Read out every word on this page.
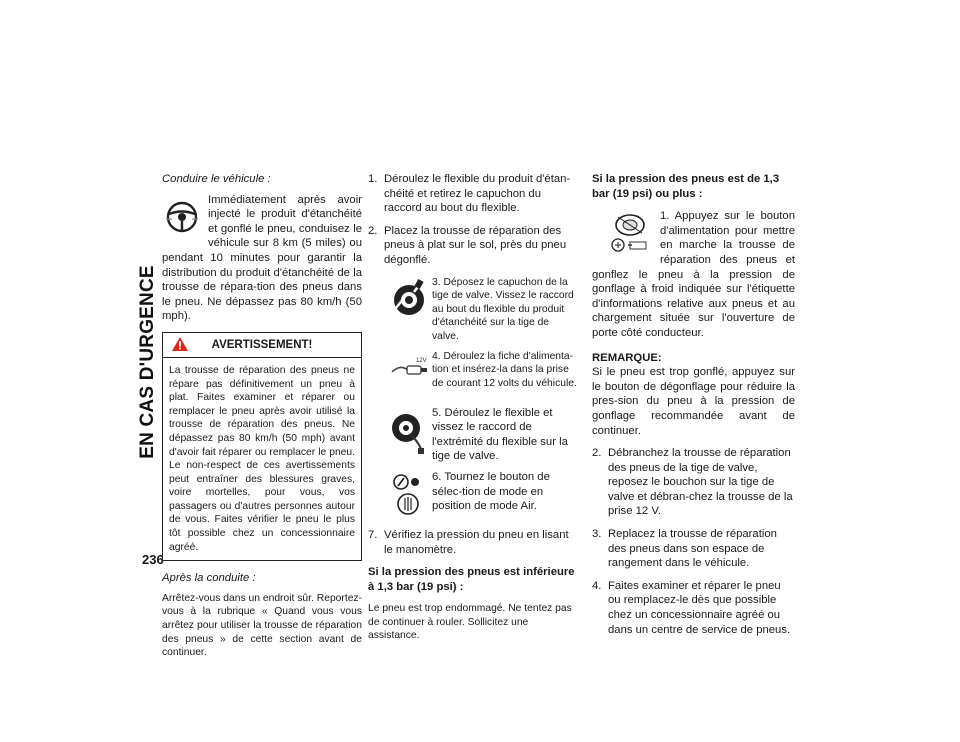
EN CAS D'URGENCE
236
Conduire le véhicule :
Immédiatement après avoir injecté le produit d'étanchéité et gonflé le pneu, conduisez le véhicule sur 8 km (5 miles) ou pendant 10 minutes pour garantir la distribution du produit d'étanchéité de la trousse de répara-tion des pneus dans le pneu. Ne dépassez pas 80 km/h (50 mph).
AVERTISSEMENT!
La trousse de réparation des pneus ne répare pas définitivement un pneu à plat. Faites examiner et réparer ou remplacer le pneu après avoir utilisé la trousse de réparation des pneus. Ne dépassez pas 80 km/h (50 mph) avant d'avoir fait réparer ou remplacer le pneu. Le non-respect de ces avertissements peut entraîner des blessures graves, voire mortelles, pour vous, vos passagers ou d'autres personnes autour de vous. Faites vérifier le pneu le plus tôt possible chez un concessionnaire agréé.
Après la conduite :
Arrêtez-vous dans un endroit sûr. Reportez-vous à la rubrique « Quand vous vous arrêtez pour utiliser la trousse de réparation des pneus » de cette section avant de continuer.
1. Déroulez le flexible du produit d'étan-chéité et retirez le capuchon du raccord au bout du flexible.
2. Placez la trousse de réparation des pneus à plat sur le sol, près du pneu dégonflé.
3. Déposez le capuchon de la tige de valve. Vissez le raccord au bout du flexible du produit d'étanchéité sur la tige de valve.
12V 4. Déroulez la fiche d'alimenta-tion et insérez-la dans la prise de courant 12 volts du véhicule.
5. Déroulez le flexible et vissez le raccord de l'extrémité du flexible sur la tige de valve.
6. Tournez le bouton de sélec-tion de mode en position de mode Air.
7. Vérifiez la pression du pneu en lisant le manomètre.
Si la pression des pneus est inférieure à 1,3 bar (19 psi) :
Le pneu est trop endommagé. Ne tentez pas de continuer à rouler. Sollicitez une assistance.
Si la pression des pneus est de 1,3 bar (19 psi) ou plus :
1. Appuyez sur le bouton d'alimentation pour mettre en marche la trousse de réparation des pneus et gonflez le pneu à la pression de gonflage à froid indiquée sur l'étiquette d'informations relative aux pneus et au chargement située sur l'ouverture de porte côté conducteur.
REMARQUE:
Si le pneu est trop gonflé, appuyez sur le bouton de dégonflage pour réduire la pres-sion du pneu à la pression de gonflage recommandée avant de continuer.
2. Débranchez la trousse de réparation des pneus de la tige de valve, reposez le bouchon sur la tige de valve et débran-chez la trousse de la prise 12 V.
3. Replacez la trousse de réparation des pneus dans son espace de rangement dans le véhicule.
4. Faites examiner et réparer le pneu ou remplacez-le dès que possible chez un concessionnaire agréé ou dans un centre de service de pneus.
